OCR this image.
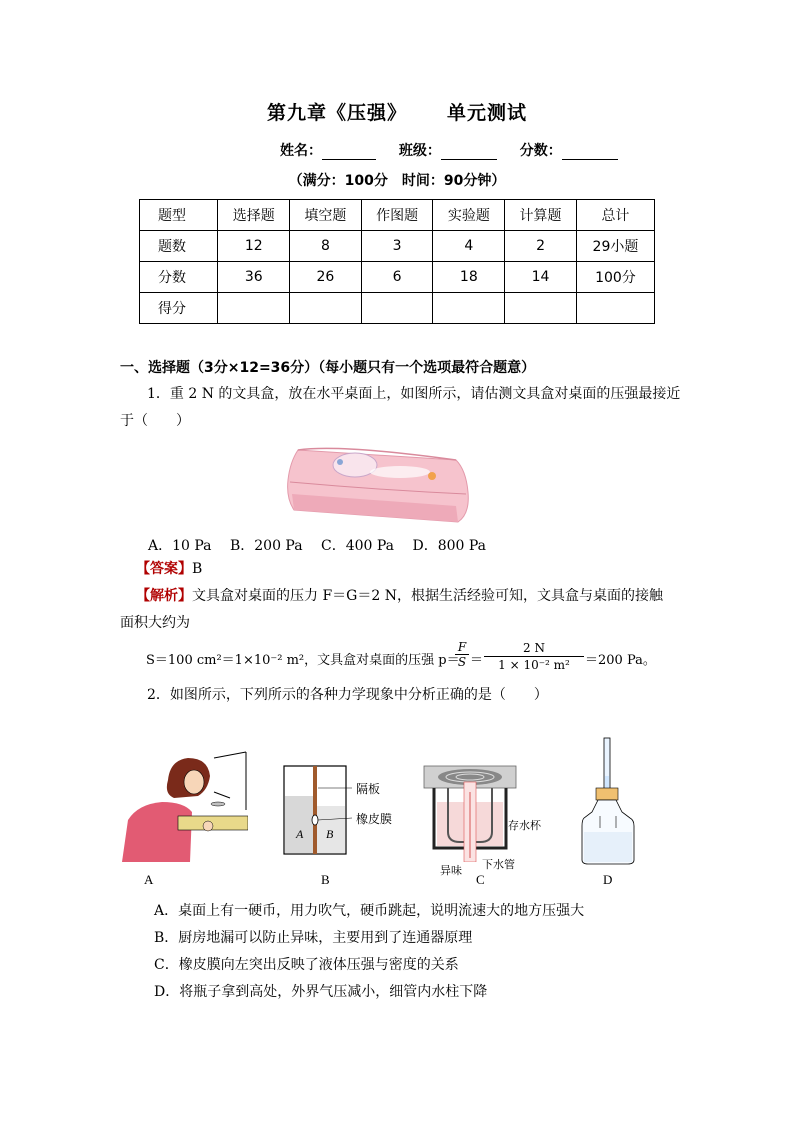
第九章《压强》 单元测试
姓名：	班级：	分数：
（满分：100分　时间：90分钟）
题型	选择题	填空题	作图题	实验题	计算题	总计
题数	12	8	3	4	2	29小题
分数	36	26	6	18	14	100分
得分						
一、选择题（3分×12=36分）（每小题只有一个选项最符合题意）
1．重 2 N 的文具盒，放在水平桌面上，如图所示，请估测文具盒对桌面的压强最接近
于（　　）
A．10 Pa　 B．200 Pa　 C．400 Pa　 D．800 Pa
【答案】B
【解析】文具盒对桌面的压力 F＝G＝2 N，根据生活经验可知，文具盒与桌面的接触
面积大约为
S＝100 cm²＝1×10⁻² m²，文具盒对桌面的压强 p＝
$\frac{F}{S} = \frac{2 N}{\text{1 × 10⁻² m²}} =200$ Pa。
2．如图所示，下列所示的各种力学现象中分析正确的是（　　）
A
A B
隔板
橡皮膜
B
存水杯
异味 下水管
C	D
A．桌面上有一硬币，用力吹气，硬币跳起，说明流速大的地方压强大
B．厨房地漏可以防止异味，主要用到了连通器原理
C．橡皮膜向左突出反映了液体压强与密度的关系
D．将瓶子拿到高处，外界气压减小，细管内水柱下降
